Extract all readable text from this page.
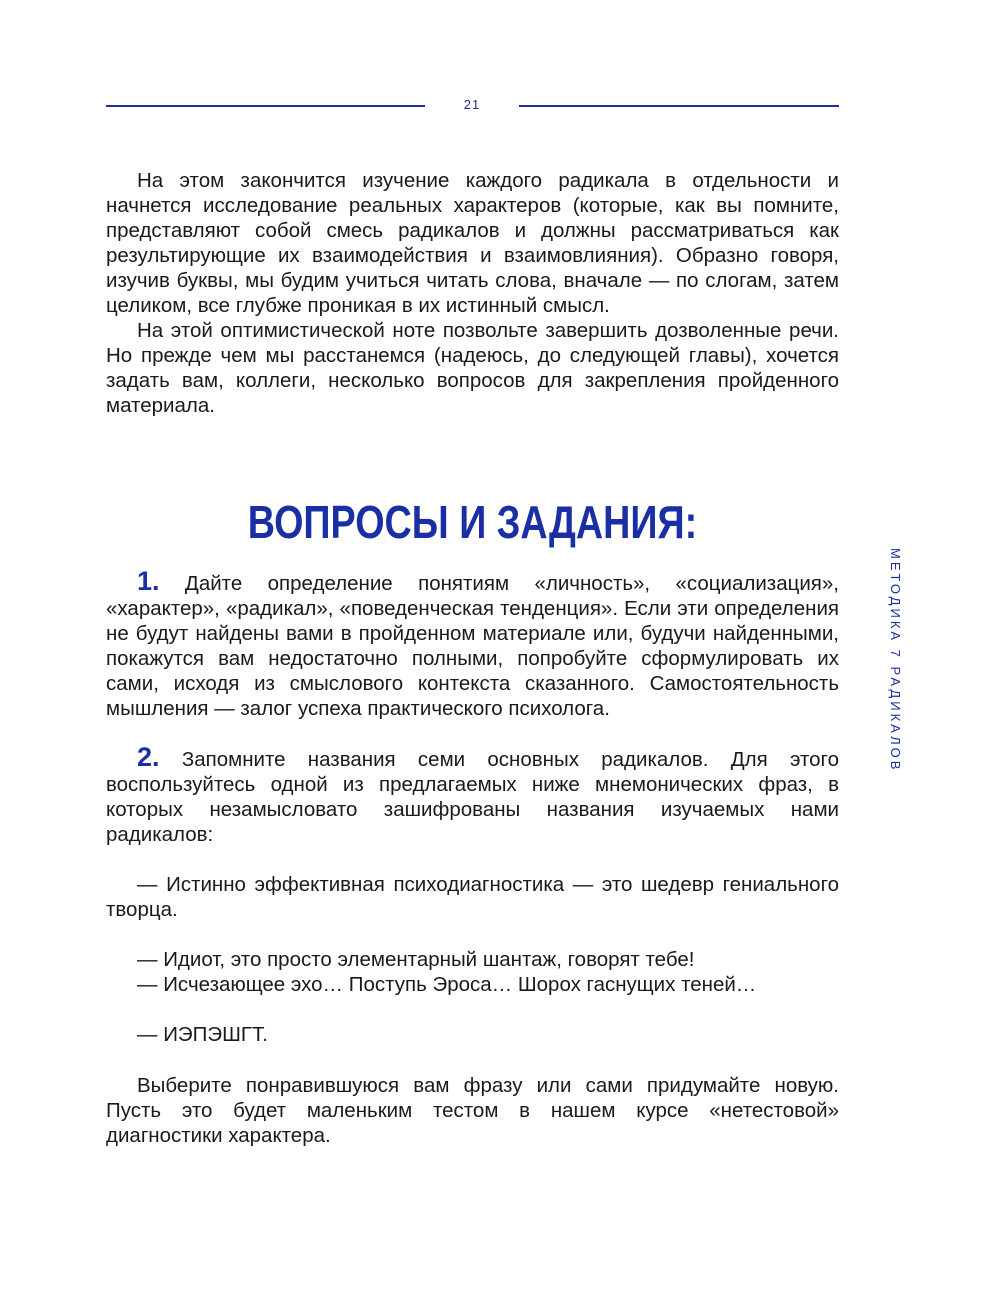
21
МЕТОДИКА 7 РАДИКАЛОВ

На этом закончится изучение каждого радикала в отдельности и начнется исследование реальных характеров (которые, как вы помните, представляют собой смесь радикалов и должны рассматриваться как результирующие их взаимодействия и взаимовлияния). Образно говоря, изучив буквы, мы будим учиться читать слова, вначале — по слогам, затем целиком, все глубже проникая в их истинный смысл.

На этой оптимистической ноте позвольте завершить дозволенные речи. Но прежде чем мы расстанемся (надеюсь, до следующей главы), хочется задать вам, коллеги, несколько вопросов для закрепления пройденного материала.

ВОПРОСЫ И ЗАДАНИЯ:

1. Дайте определение понятиям «личность», «социализация», «характер», «радикал», «поведенческая тенденция». Если эти определения не будут найдены вами в пройденном материале или, будучи найденными, покажутся вам недостаточно полными, попробуйте сформулировать их сами, исходя из смыслового контекста сказанного. Самостоятельность мышления — залог успеха практического психолога.

2. Запомните названия семи основных радикалов. Для этого воспользуйтесь одной из предлагаемых ниже мнемонических фраз, в которых незамысловато зашифрованы названия изучаемых нами радикалов:

— Истинно эффективная психодиагностика — это шедевр гениального творца.

— Идиот, это просто элементарный шантаж, говорят тебе!

— Исчезающее эхо… Поступь Эроса… Шорох гаснущих теней…

— ИЭПЭШГТ.

Выберите понравившуюся вам фразу или сами придумайте новую. Пусть это будет маленьким тестом в нашем курсе «нетестовой» диагностики характера.
